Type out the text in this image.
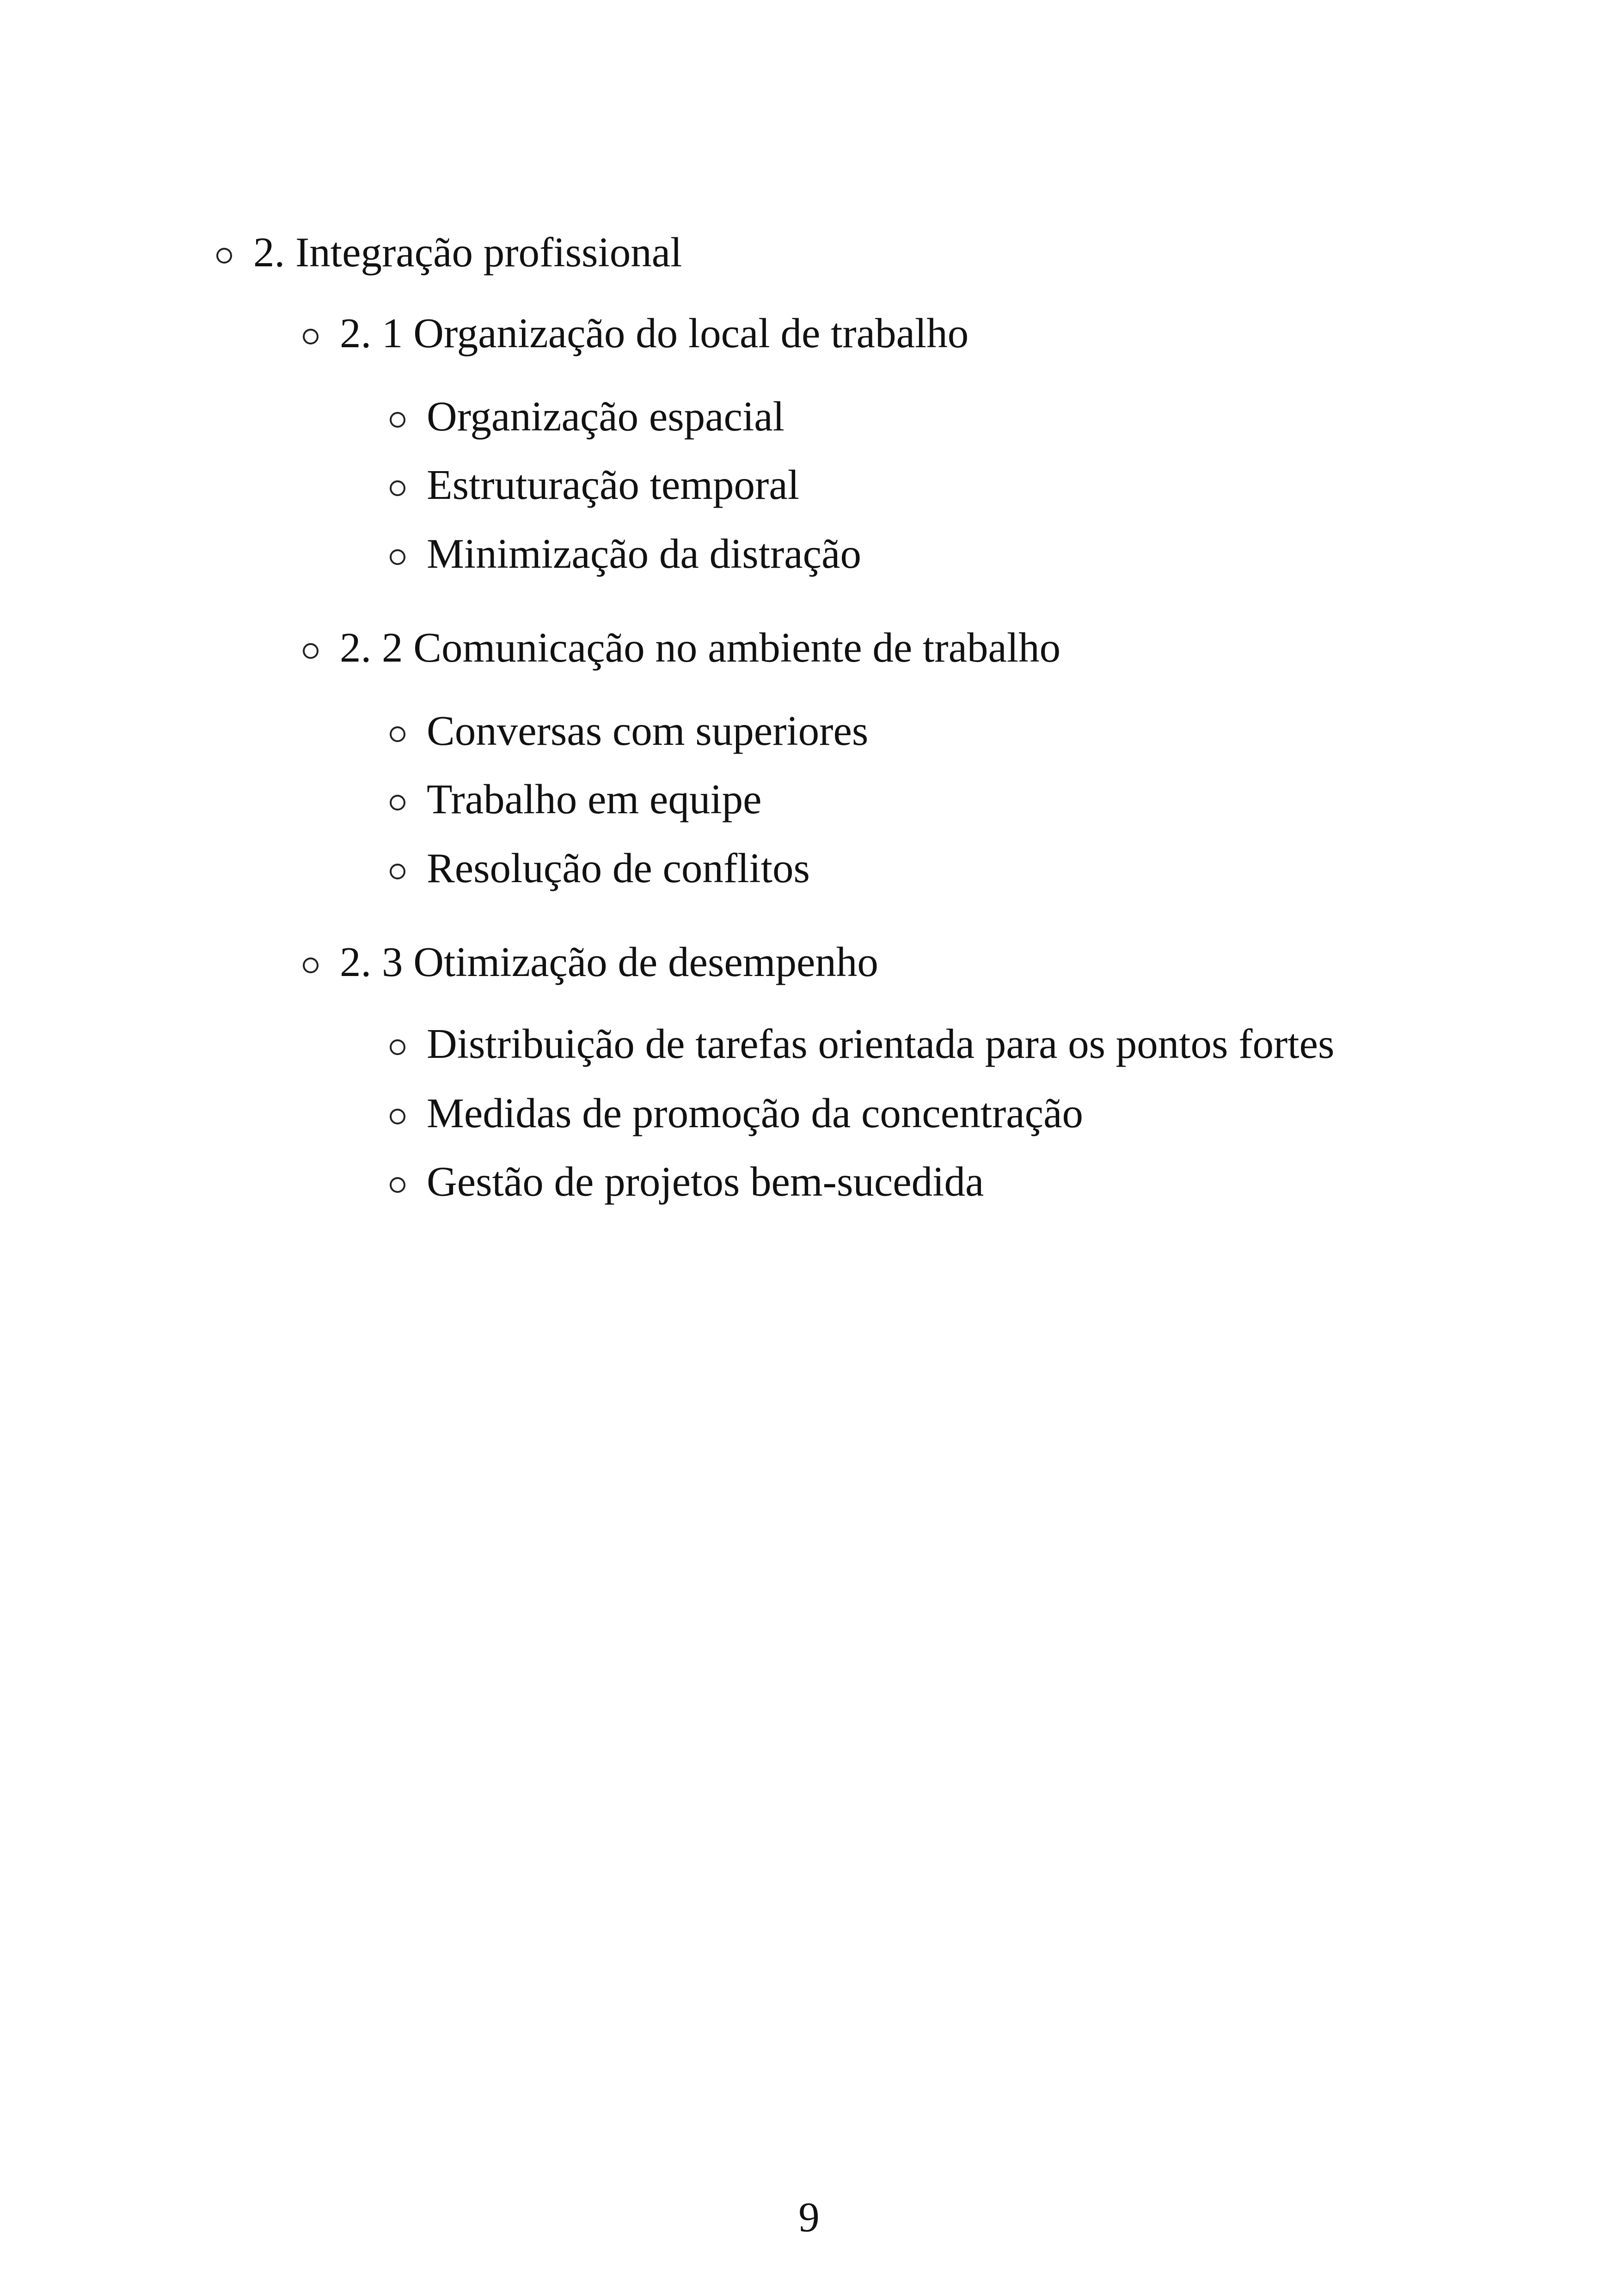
2. Integração profissional
2. 1 Organização do local de trabalho
Organização espacial
Estruturação temporal
Minimização da distração
2. 2 Comunicação no ambiente de trabalho
Conversas com superiores
Trabalho em equipe
Resolução de conflitos
2. 3 Otimização de desempenho
Distribuição de tarefas orientada para os pontos fortes
Medidas de promoção da concentração
Gestão de projetos bem-sucedida
9
